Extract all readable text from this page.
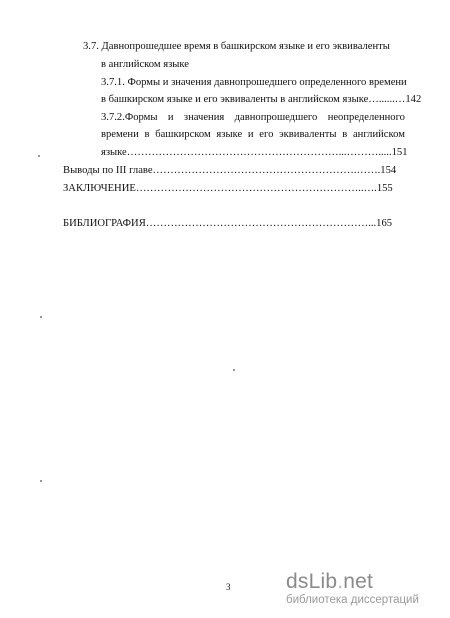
3.7. Давнопрошедшее время в башкирском языке и его эквиваленты
в английском языке
3.7.1. Формы и значения давнопрошедшего определенного времени
в башкирском языке и его эквиваленты в английском языке…......…142
3.7.2.Формы и значения давнопрошедшего неопределенного
времени в башкирском языке и его эквиваленты в английском
языке……………………………………………………...……….....151
Выводы по III главе………………………………………………….…….154
ЗАКЛЮЧЕНИЕ………………………………………………………..….155
БИБЛИОГРАФИЯ………………………………………………………...165
3	dsLib.net
библиотека диссертаций
